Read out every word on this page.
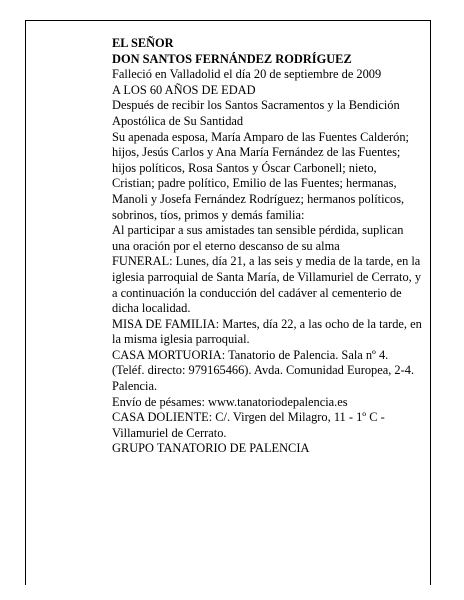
EL SEÑOR

DON SANTOS FERNÁNDEZ RODRÍGUEZ

Falleció en Valladolid el día 20 de septiembre de 2009

A LOS 60 AÑOS DE EDAD

Después de recibir los Santos Sacramentos y la Bendición Apostólica de Su Santidad

Su apenada esposa, María Amparo de las Fuentes Calderón; hijos, Jesús Carlos y Ana María Fernández de las Fuentes; hijos políticos, Rosa Santos y Óscar Carbonell; nieto, Cristian; padre político, Emilio de las Fuentes; hermanas, Manoli y Josefa Fernández Rodríguez; hermanos políticos, sobrinos, tíos, primos y demás familia:

Al participar a sus amistades tan sensible pérdida, suplican una oración por el eterno descanso de su alma

FUNERAL: Lunes, día 21, a las seis y media de la tarde, en la iglesia parroquial de Santa María, de Villamuriel de Cerrato, y a continuación la conducción del cadáver al cementerio de dicha localidad.

MISA DE FAMILIA: Martes, día 22, a las ocho de la tarde, en la misma iglesia parroquial.

CASA MORTUORIA: Tanatorio de Palencia. Sala nº 4. (Teléf. directo: 979165466). Avda. Comunidad Europea, 2-4. Palencia.

Envío de pésames: www.tanatoriodepalencia.es

CASA DOLIENTE: C/. Virgen del Milagro, 11 - 1º C - Villamuriel de Cerrato.

GRUPO TANATORIO DE PALENCIA
